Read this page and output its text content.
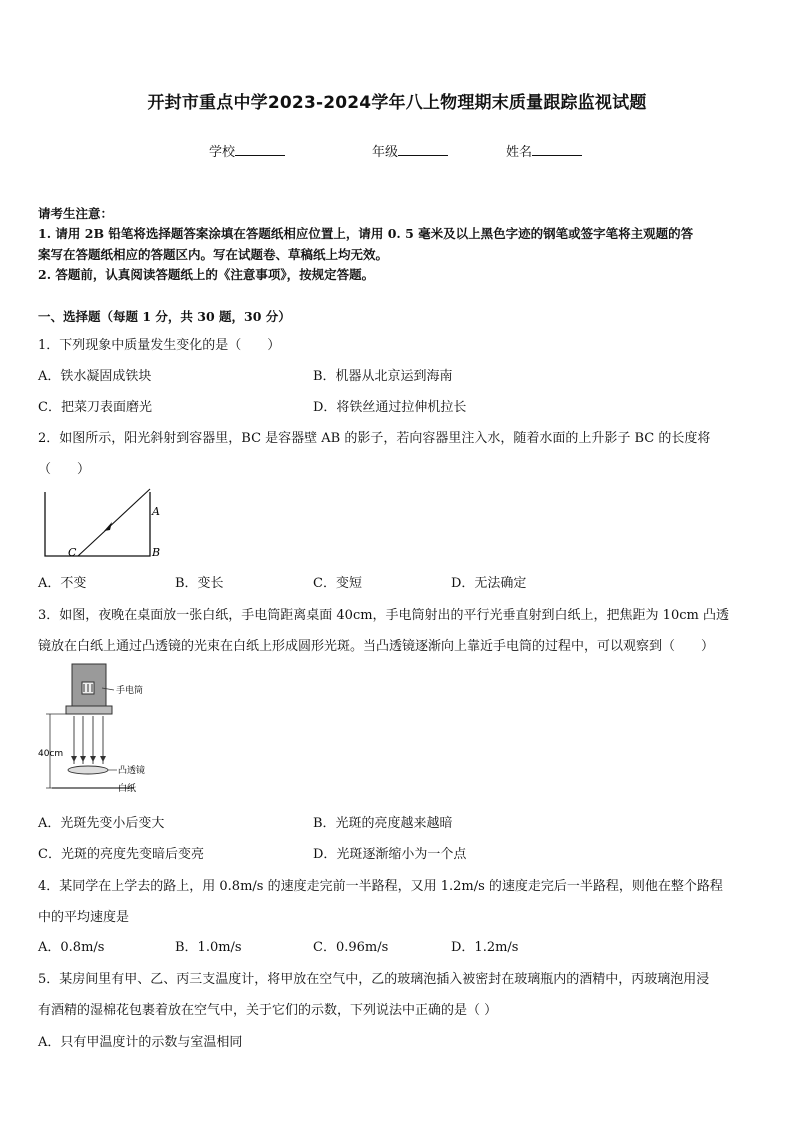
开封市重点中学2023-2024学年八上物理期末质量跟踪监视试题
学校	年级	姓名
请考生注意：
1. 请用 2B 铅笔将选择题答案涂填在答题纸相应位置上，请用 0. 5 毫米及以上黑色字迹的钢笔或签字笔将主观题的答
案写在答题纸相应的答题区内。写在试题卷、草稿纸上均无效。
2. 答题前，认真阅读答题纸上的《注意事项》，按规定答题。
一、选择题（每题 1 分，共 30 题，30 分）
1．下列现象中质量发生变化的是（　　）
A．铁水凝固成铁块	B．机器从北京运到海南
C．把菜刀表面磨光	D．将铁丝通过拉伸机拉长
2．如图所示，阳光斜射到容器里，BC 是容器壁 AB 的影子，若向容器里注入水，随着水面的上升影子 BC 的长度将
（　　）
A
B
C
A．不变	B．变长	C．变短	D．无法确定
3．如图，夜晚在桌面放一张白纸，手电筒距离桌面 40cm，手电筒射出的平行光垂直射到白纸上，把焦距为 10cm 凸透
镜放在白纸上通过凸透镜的光束在白纸上形成圆形光斑。当凸透镜逐渐向上靠近手电筒的过程中，可以观察到（　　）
手电筒
40cm
凸透镜
白纸
A．光斑先变小后变大	B．光斑的亮度越来越暗
C．光斑的亮度先变暗后变亮	D．光斑逐渐缩小为一个点
4．某同学在上学去的路上，用 0.8m/s 的速度走完前一半路程，又用 1.2m/s 的速度走完后一半路程，则他在整个路程
中的平均速度是
A．0.8m/s	B．1.0m/s	C．0.96m/s	D．1.2m/s
5．某房间里有甲、乙、丙三支温度计，将甲放在空气中，乙的玻璃泡插入被密封在玻璃瓶内的酒精中，丙玻璃泡用浸
有酒精的湿棉花包裹着放在空气中，关于它们的示数，下列说法中正确的是（ ）
A．只有甲温度计的示数与室温相同
